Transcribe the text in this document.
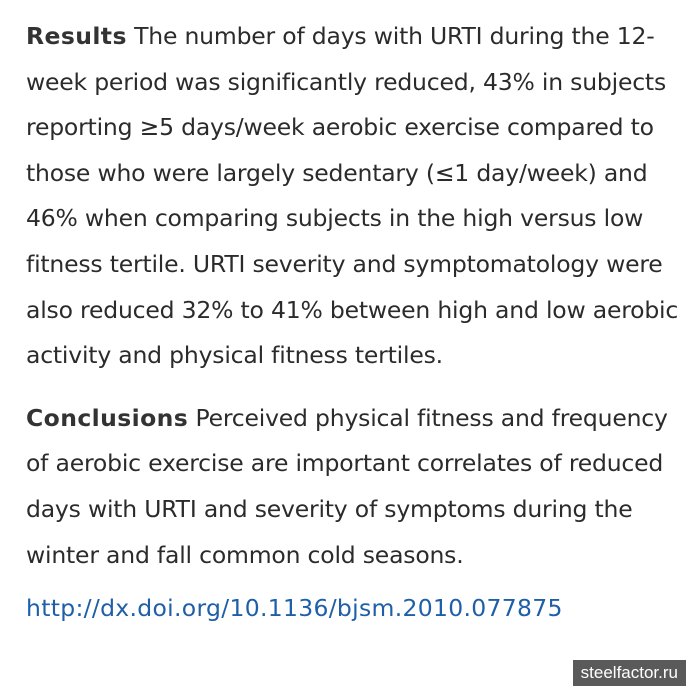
Results The number of days with URTI during the 12-week period was significantly reduced, 43% in subjects reporting ≥5 days/week aerobic exercise compared to those who were largely sedentary (≤1 day/week) and 46% when comparing subjects in the high versus low fitness tertile. URTI severity and symptomatology were also reduced 32% to 41% between high and low aerobic activity and physical fitness tertiles.

Conclusions Perceived physical fitness and frequency of aerobic exercise are important correlates of reduced days with URTI and severity of symptoms during the winter and fall common cold seasons.

http://dx.doi.org/10.1136/bjsm.2010.077875
steelfactor.ru
